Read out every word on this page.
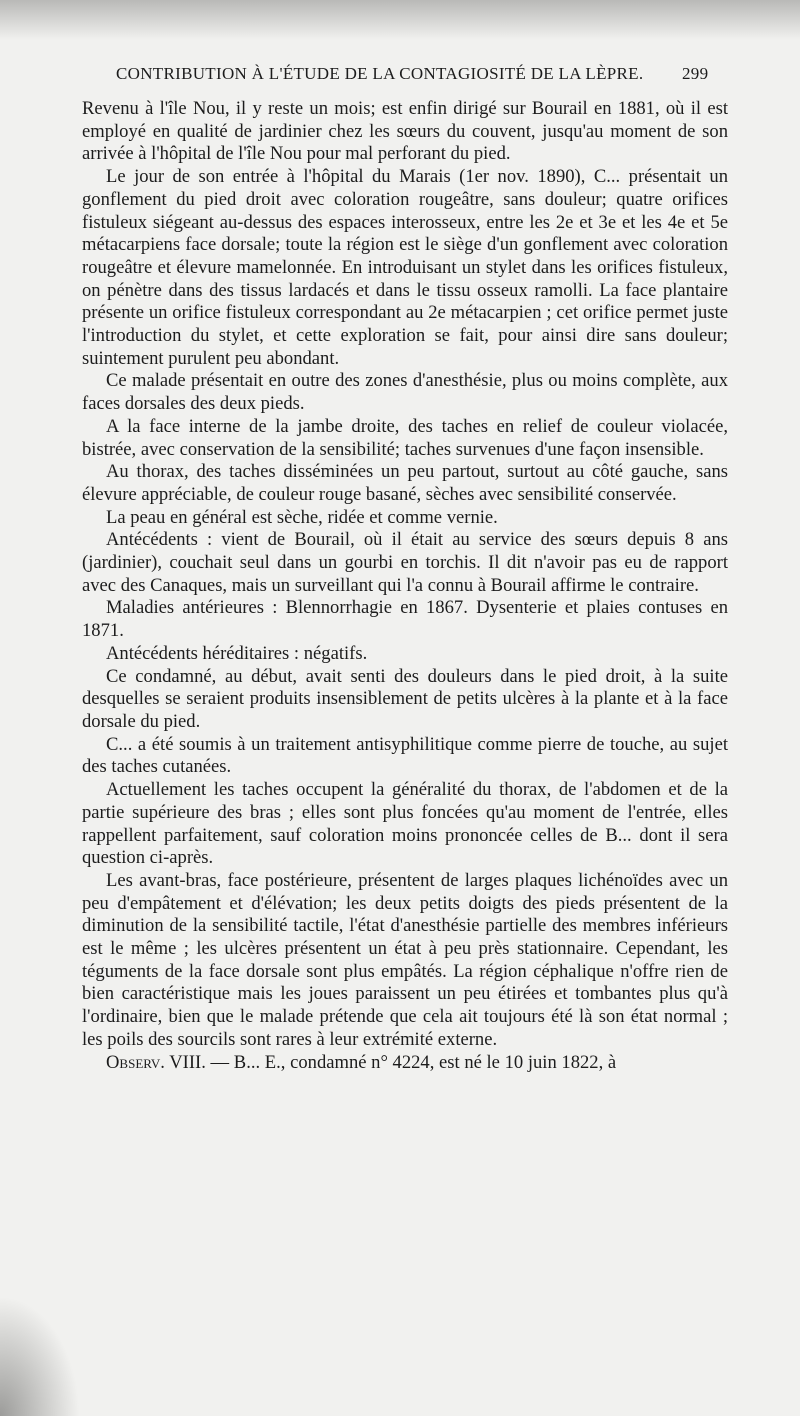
CONTRIBUTION À L'ÉTUDE DE LA CONTAGIOSITÉ DE LA LÈPRE. 299

Revenu à l'île Nou, il y reste un mois; est enfin dirigé sur Bourail en 1881, où il est employé en qualité de jardinier chez les sœurs du couvent, jusqu'au moment de son arrivée à l'hôpital de l'île Nou pour mal perforant du pied.

Le jour de son entrée à l'hôpital du Marais (1er nov. 1890), C... présentait un gonflement du pied droit avec coloration rougeâtre, sans douleur; quatre orifices fistuleux siégeant au-dessus des espaces interosseux, entre les 2e et 3e et les 4e et 5e métacarpiens face dorsale; toute la région est le siège d'un gonflement avec coloration rougeâtre et élevure mamelonnée. En introduisant un stylet dans les orifices fistuleux, on pénètre dans des tissus lardacés et dans le tissu osseux ramolli. La face plantaire présente un orifice fistuleux correspondant au 2e métacarpien ; cet orifice permet juste l'introduction du stylet, et cette exploration se fait, pour ainsi dire sans douleur; suintement purulent peu abondant.

Ce malade présentait en outre des zones d'anesthésie, plus ou moins complète, aux faces dorsales des deux pieds.

A la face interne de la jambe droite, des taches en relief de couleur violacée, bistrée, avec conservation de la sensibilité; taches survenues d'une façon insensible.

Au thorax, des taches disséminées un peu partout, surtout au côté gauche, sans élevure appréciable, de couleur rouge basané, sèches avec sensibilité conservée.

La peau en général est sèche, ridée et comme vernie.

Antécédents : vient de Bourail, où il était au service des sœurs depuis 8 ans (jardinier), couchait seul dans un gourbi en torchis. Il dit n'avoir pas eu de rapport avec des Canaques, mais un surveillant qui l'a connu à Bourail affirme le contraire.

Maladies antérieures : Blennorrhagie en 1867. Dysenterie et plaies contuses en 1871.

Antécédents héréditaires : négatifs.

Ce condamné, au début, avait senti des douleurs dans le pied droit, à la suite desquelles se seraient produits insensiblement de petits ulcères à la plante et à la face dorsale du pied.

C... a été soumis à un traitement antisyphilitique comme pierre de touche, au sujet des taches cutanées.

Actuellement les taches occupent la généralité du thorax, de l'abdomen et de la partie supérieure des bras ; elles sont plus foncées qu'au moment de l'entrée, elles rappellent parfaitement, sauf coloration moins prononcée celles de B... dont il sera question ci-après.

Les avant-bras, face postérieure, présentent de larges plaques lichénoïdes avec un peu d'empâtement et d'élévation; les deux petits doigts des pieds présentent de la diminution de la sensibilité tactile, l'état d'anesthésie partielle des membres inférieurs est le même ; les ulcères présentent un état à peu près stationnaire. Cependant, les téguments de la face dorsale sont plus empâtés. La région céphalique n'offre rien de bien caractéristique mais les joues paraissent un peu étirées et tombantes plus qu'à l'ordinaire, bien que le malade prétende que cela ait toujours été là son état normal ; les poils des sourcils sont rares à leur extrémité externe.

Observ. VIII. — B... E., condamné n° 4224, est né le 10 juin 1822, à
